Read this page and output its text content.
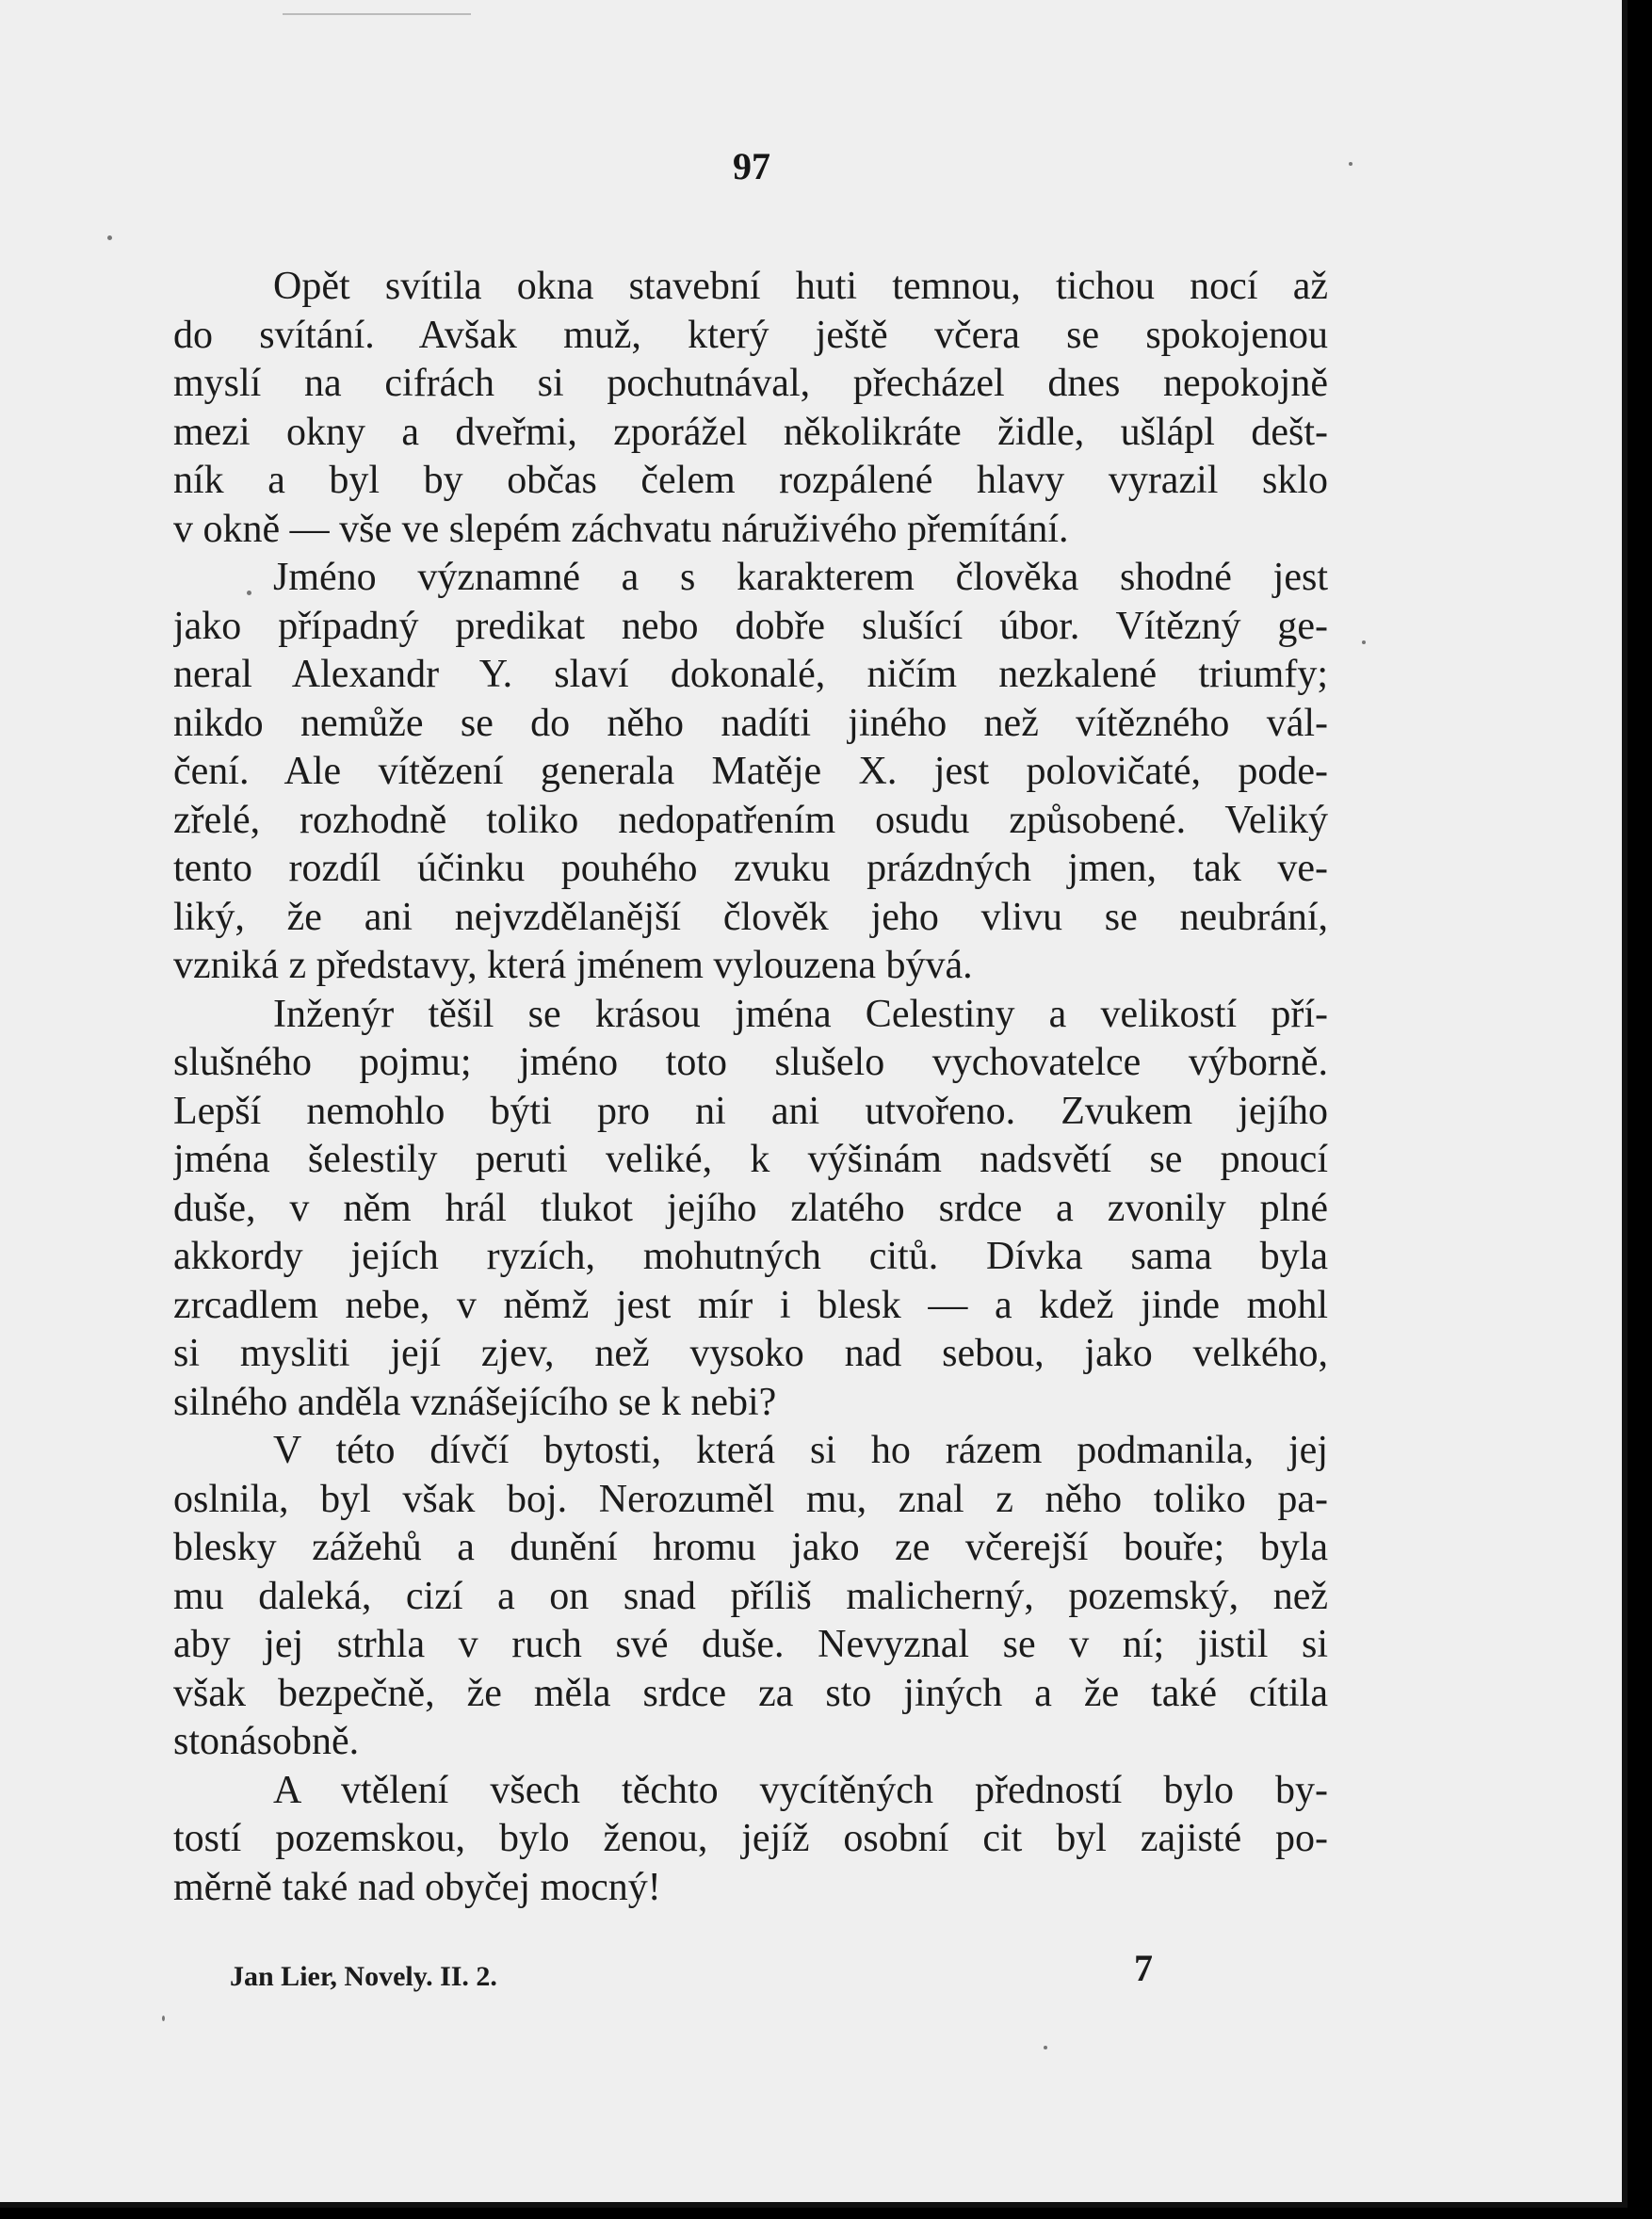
97
Opět svítila okna stavební huti temnou, tichou nocí až
do svítání. Avšak muž, který ještě včera se spokojenou
myslí na cifrách si pochutnával, přecházel dnes nepokojně
mezi okny a dveřmi, zporážel několikráte židle, ušlápl dešt-
ník a byl by občas čelem rozpálené hlavy vyrazil sklo
v okně — vše ve slepém záchvatu náruživého přemítání.
Jméno významné a s karakterem člověka shodné jest
jako případný predikat nebo dobře slušící úbor. Vítězný ge-
neral Alexandr Y. slaví dokonalé, ničím nezkalené triumfy;
nikdo nemůže se do něho nadíti jiného než vítězného vál-
čení. Ale vítězení generala Matěje X. jest polovičaté, pode-
zřelé, rozhodně toliko nedopatřením osudu způsobené. Veliký
tento rozdíl účinku pouhého zvuku prázdných jmen, tak ve-
liký, že ani nejvzdělanější člověk jeho vlivu se neubrání,
vzniká z představy, která jménem vylouzena bývá.
Inženýr těšil se krásou jména Celestiny a velikostí pří-
slušného pojmu; jméno toto slušelo vychovatelce výborně.
Lepší nemohlo býti pro ni ani utvořeno. Zvukem jejího
jména šelestily peruti veliké, k výšinám nadsvětí se pnoucí
duše, v něm hrál tlukot jejího zlatého srdce a zvonily plné
akkordy jejích ryzích, mohutných citů. Dívka sama byla
zrcadlem nebe, v němž jest mír i blesk — a kdež jinde mohl
si mysliti její zjev, než vysoko nad sebou, jako velkého,
silného anděla vznášejícího se k nebi?
V této dívčí bytosti, která si ho rázem podmanila, jej
oslnila, byl však boj. Nerozuměl mu, znal z něho toliko pa-
blesky zážehů a dunění hromu jako ze včerejší bouře; byla
mu daleká, cizí a on snad příliš malicherný, pozemský, než
aby jej strhla v ruch své duše. Nevyznal se v ní; jistil si
však bezpečně, že měla srdce za sto jiných a že také cítila
stonásobně.
A vtělení všech těchto vycítěných předností bylo by-
tostí pozemskou, bylo ženou, jejíž osobní cit byl zajisté po-
měrně také nad obyčej mocný!
Jan Lier, Novely. II. 2.	7
